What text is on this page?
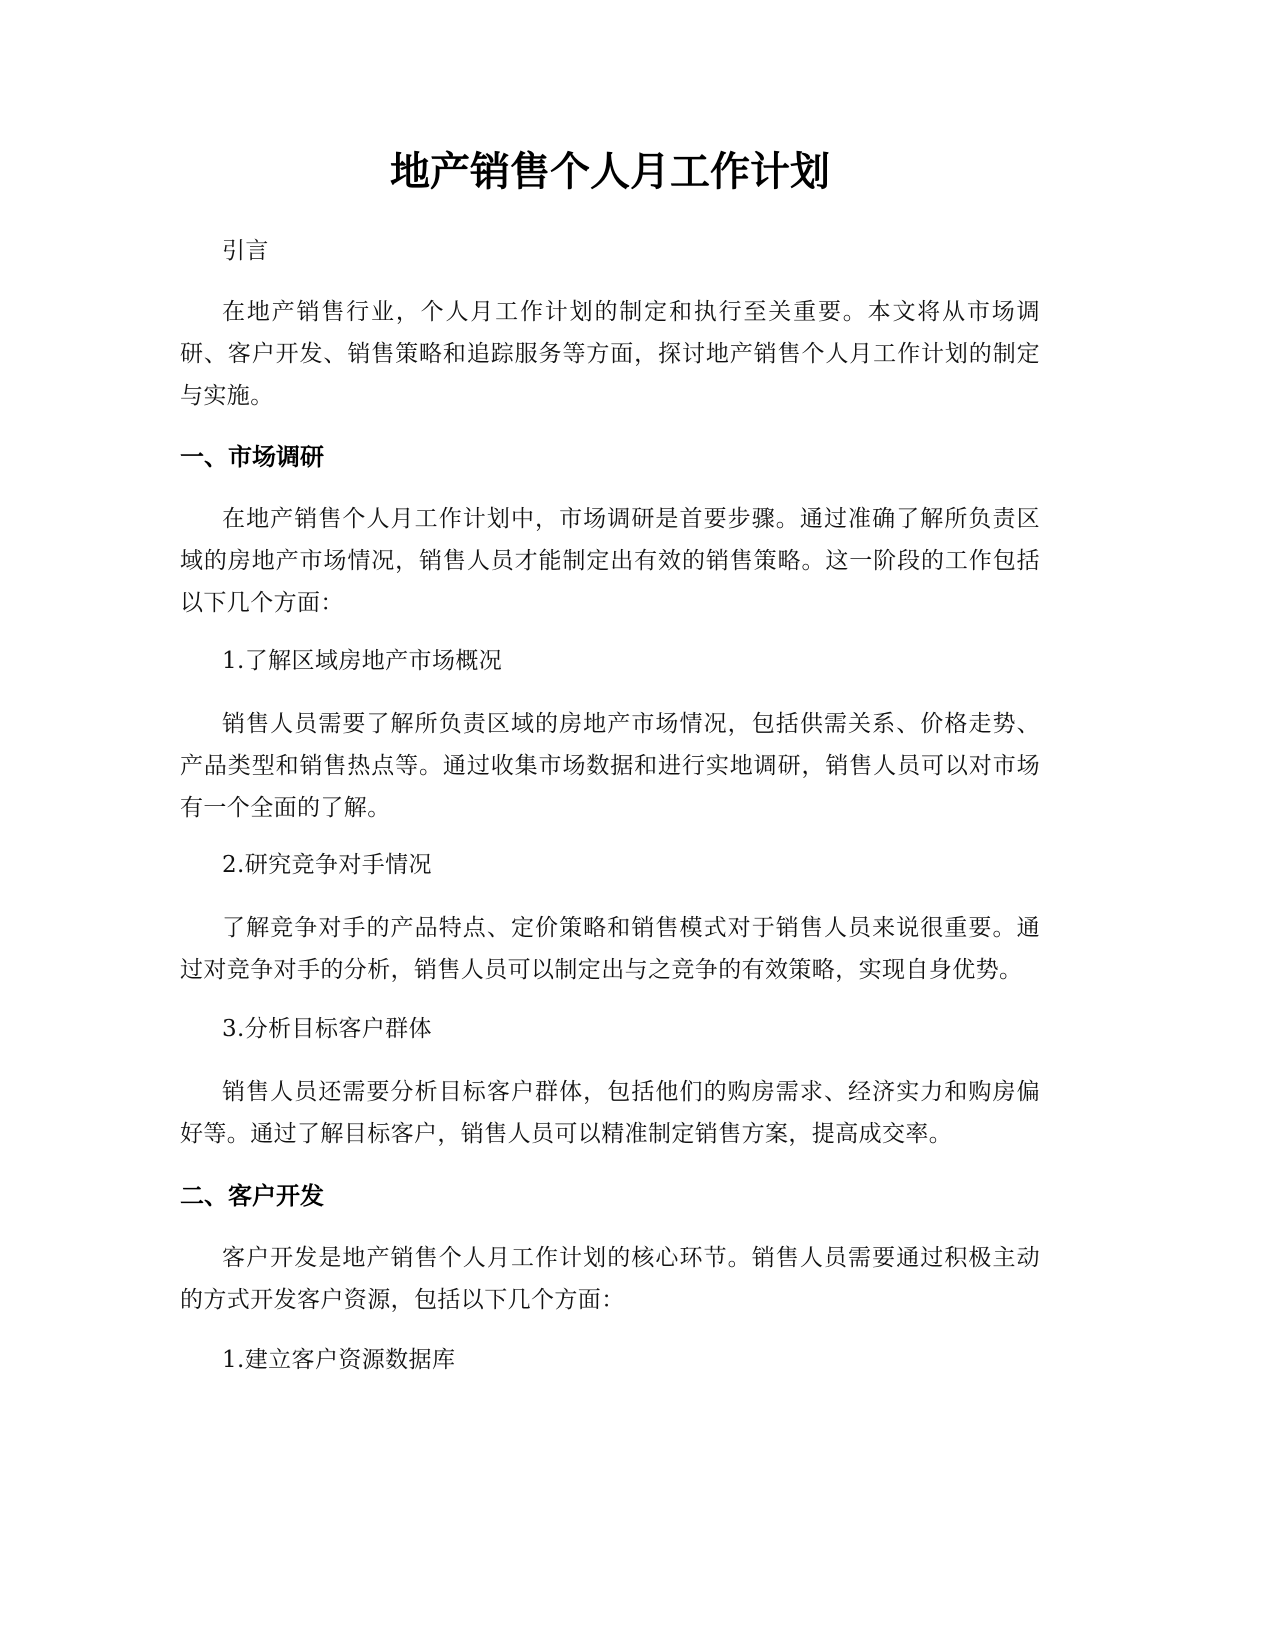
地产销售个人月工作计划

引言

在地产销售行业，个人月工作计划的制定和执行至关重要。本文将从市场调研、客户开发、销售策略和追踪服务等方面，探讨地产销售个人月工作计划的制定与实施。

一、市场调研

在地产销售个人月工作计划中，市场调研是首要步骤。通过准确了解所负责区域的房地产市场情况，销售人员才能制定出有效的销售策略。这一阶段的工作包括以下几个方面：

1.了解区域房地产市场概况

销售人员需要了解所负责区域的房地产市场情况，包括供需关系、价格走势、产品类型和销售热点等。通过收集市场数据和进行实地调研，销售人员可以对市场有一个全面的了解。

2.研究竞争对手情况

了解竞争对手的产品特点、定价策略和销售模式对于销售人员来说很重要。通过对竞争对手的分析，销售人员可以制定出与之竞争的有效策略，实现自身优势。

3.分析目标客户群体

销售人员还需要分析目标客户群体，包括他们的购房需求、经济实力和购房偏好等。通过了解目标客户，销售人员可以精准制定销售方案，提高成交率。

二、客户开发

客户开发是地产销售个人月工作计划的核心环节。销售人员需要通过积极主动的方式开发客户资源，包括以下几个方面：

1.建立客户资源数据库
